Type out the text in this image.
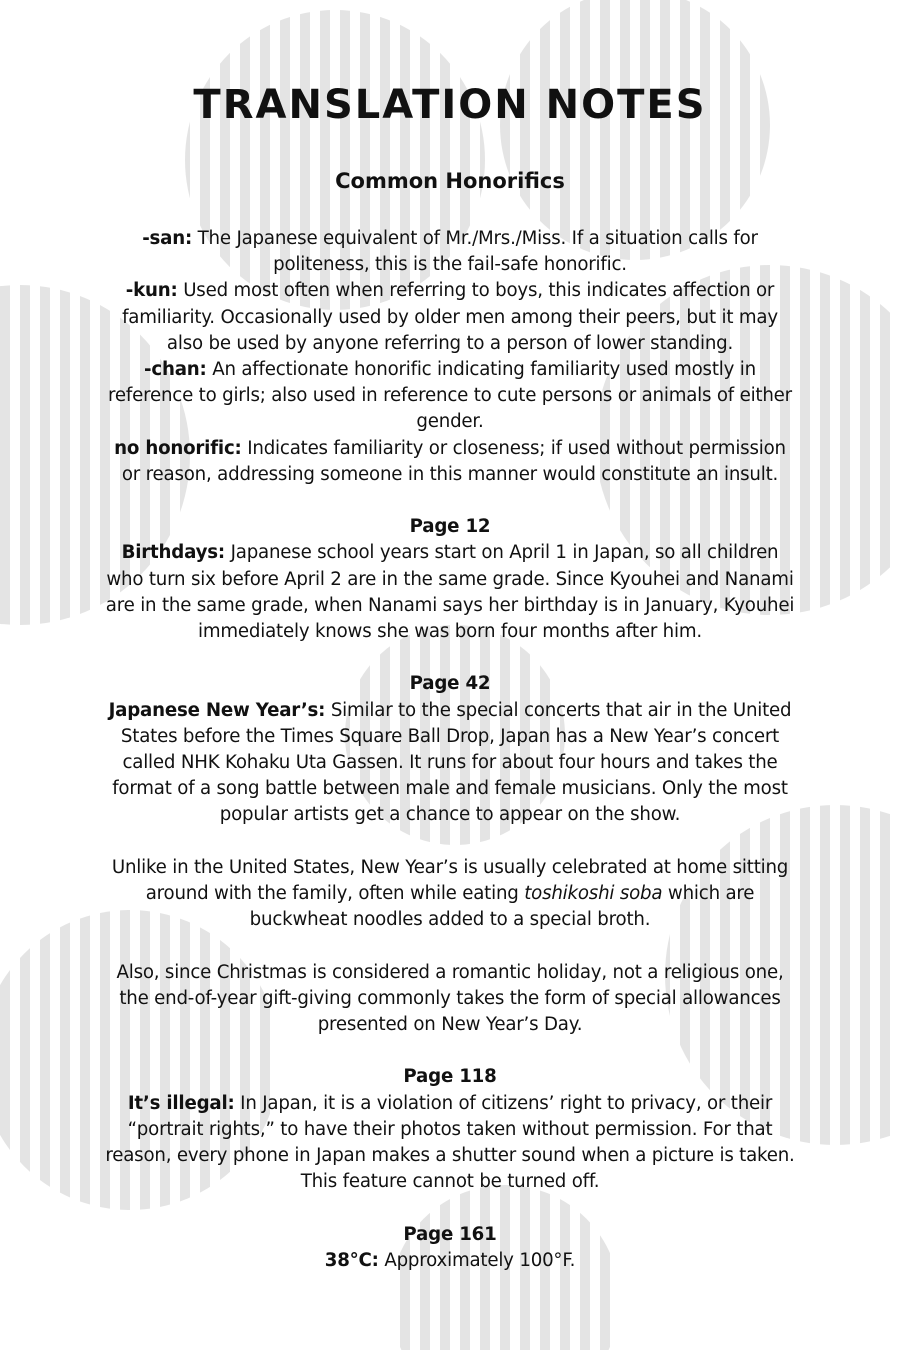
TRANSLATION NOTES
Common Honorifics

-san: The Japanese equivalent of Mr./Mrs./Miss. If a situation calls for politeness, this is the fail-safe honorific.

-kun: Used most often when referring to boys, this indicates affection or familiarity. Occasionally used by older men among their peers, but it may also be used by anyone referring to a person of lower standing.

-chan: An affectionate honorific indicating familiarity used mostly in reference to girls; also used in reference to cute persons or animals of either gender.

no honorific: Indicates familiarity or closeness; if used without permission or reason, addressing someone in this manner would constitute an insult.

Page 12

Birthdays: Japanese school years start on April 1 in Japan, so all children who turn six before April 2 are in the same grade. Since Kyouhei and Nanami are in the same grade, when Nanami says her birthday is in January, Kyouhei immediately knows she was born four months after him.

Page 42

Japanese New Year’s: Similar to the special concerts that air in the United States before the Times Square Ball Drop, Japan has a New Year’s concert called NHK Kohaku Uta Gassen. It runs for about four hours and takes the format of a song battle between male and female musicians. Only the most popular artists get a chance to appear on the show.

Unlike in the United States, New Year’s is usually celebrated at home sitting around with the family, often while eating toshikoshi soba which are buckwheat noodles added to a special broth.

Also, since Christmas is considered a romantic holiday, not a religious one, the end-of-year gift-giving commonly takes the form of special allowances presented on New Year’s Day.

Page 118

It’s illegal: In Japan, it is a violation of citizens’ right to privacy, or their “portrait rights,” to have their photos taken without permission. For that reason, every phone in Japan makes a shutter sound when a picture is taken. This feature cannot be turned off.

Page 161

38°C: Approximately 100°F.
